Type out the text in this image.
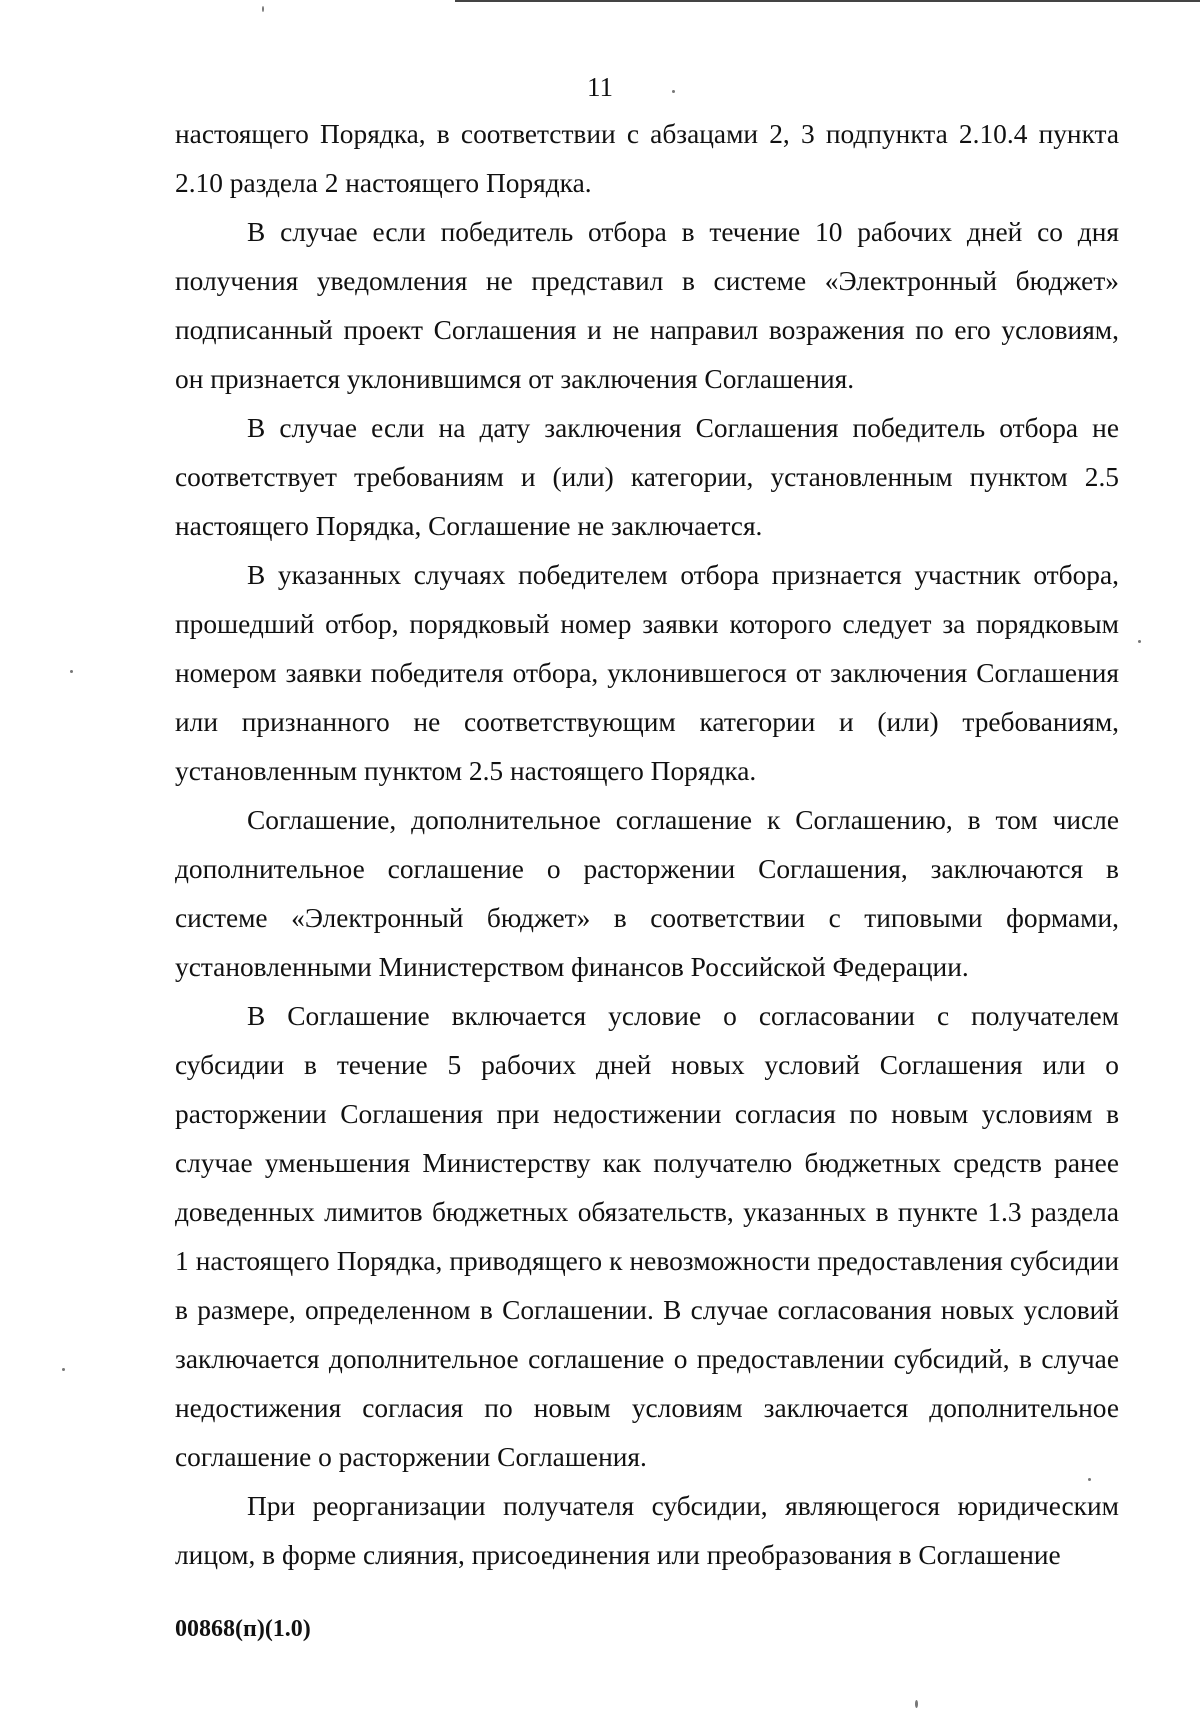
11

настоящего Порядка, в соответствии с абзацами 2, 3 подпункта 2.10.4 пункта 2.10 раздела 2 настоящего Порядка.

В случае если победитель отбора в течение 10 рабочих дней со дня получения уведомления не представил в системе «Электронный бюджет» подписанный проект Соглашения и не направил возражения по его условиям, он признается уклонившимся от заключения Соглашения.

В случае если на дату заключения Соглашения победитель отбора не соответствует требованиям и (или) категории, установленным пунктом 2.5 настоящего Порядка, Соглашение не заключается.

В указанных случаях победителем отбора признается участник отбора, прошедший отбор, порядковый номер заявки которого следует за порядковым номером заявки победителя отбора, уклонившегося от заключения Соглашения или признанного не соответствующим категории и (или) требованиям, установленным пунктом 2.5 настоящего Порядка.

Соглашение, дополнительное соглашение к Соглашению, в том числе дополнительное соглашение о расторжении Соглашения, заключаются в системе «Электронный бюджет» в соответствии с типовыми формами, установленными Министерством финансов Российской Федерации.

В Соглашение включается условие о согласовании с получателем субсидии в течение 5 рабочих дней новых условий Соглашения или о расторжении Соглашения при недостижении согласия по новым условиям в случае уменьшения Министерству как получателю бюджетных средств ранее доведенных лимитов бюджетных обязательств, указанных в пункте 1.3 раздела 1 настоящего Порядка, приводящего к невозможности предоставления субсидии в размере, определенном в Соглашении. В случае согласования новых условий заключается дополнительное соглашение о предоставлении субсидий, в случае недостижения согласия по новым условиям заключается дополнительное соглашение о расторжении Соглашения.

При реорганизации получателя субсидии, являющегося юридическим лицом, в форме слияния, присоединения или преобразования в Соглашение

00868(п)(1.0)
